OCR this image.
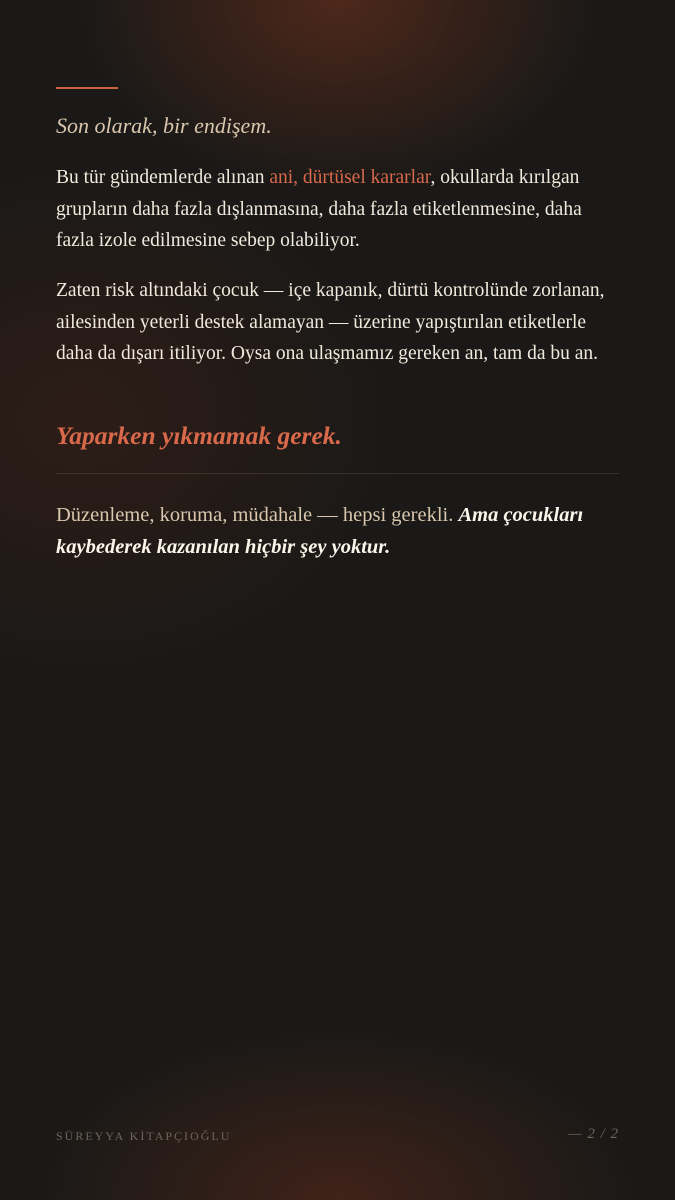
Son olarak, bir endişem.

Bu tür gündemlerde alınan ani, dürtüsel kararlar, okullarda kırılgan grupların daha fazla dışlanmasına, daha fazla etiketlenmesine, daha fazla izole edilmesine sebep olabiliyor.

Zaten risk altındaki çocuk — içe kapanık, dürtü kontrolünde zorlanan, ailesinden yeterli destek alamayan — üzerine yapıştırılan etiketlerle daha da dışarı itiliyor. Oysa ona ulaşmamız gereken an, tam da bu an.

Yaparken yıkmamak gerek.

Düzenleme, koruma, müdahale — hepsi gerekli. Ama çocukları kaybederek kazanılan hiçbir şey yoktur.

SÜREYYA KİTAPÇIOĞLU	— 2 / 2
